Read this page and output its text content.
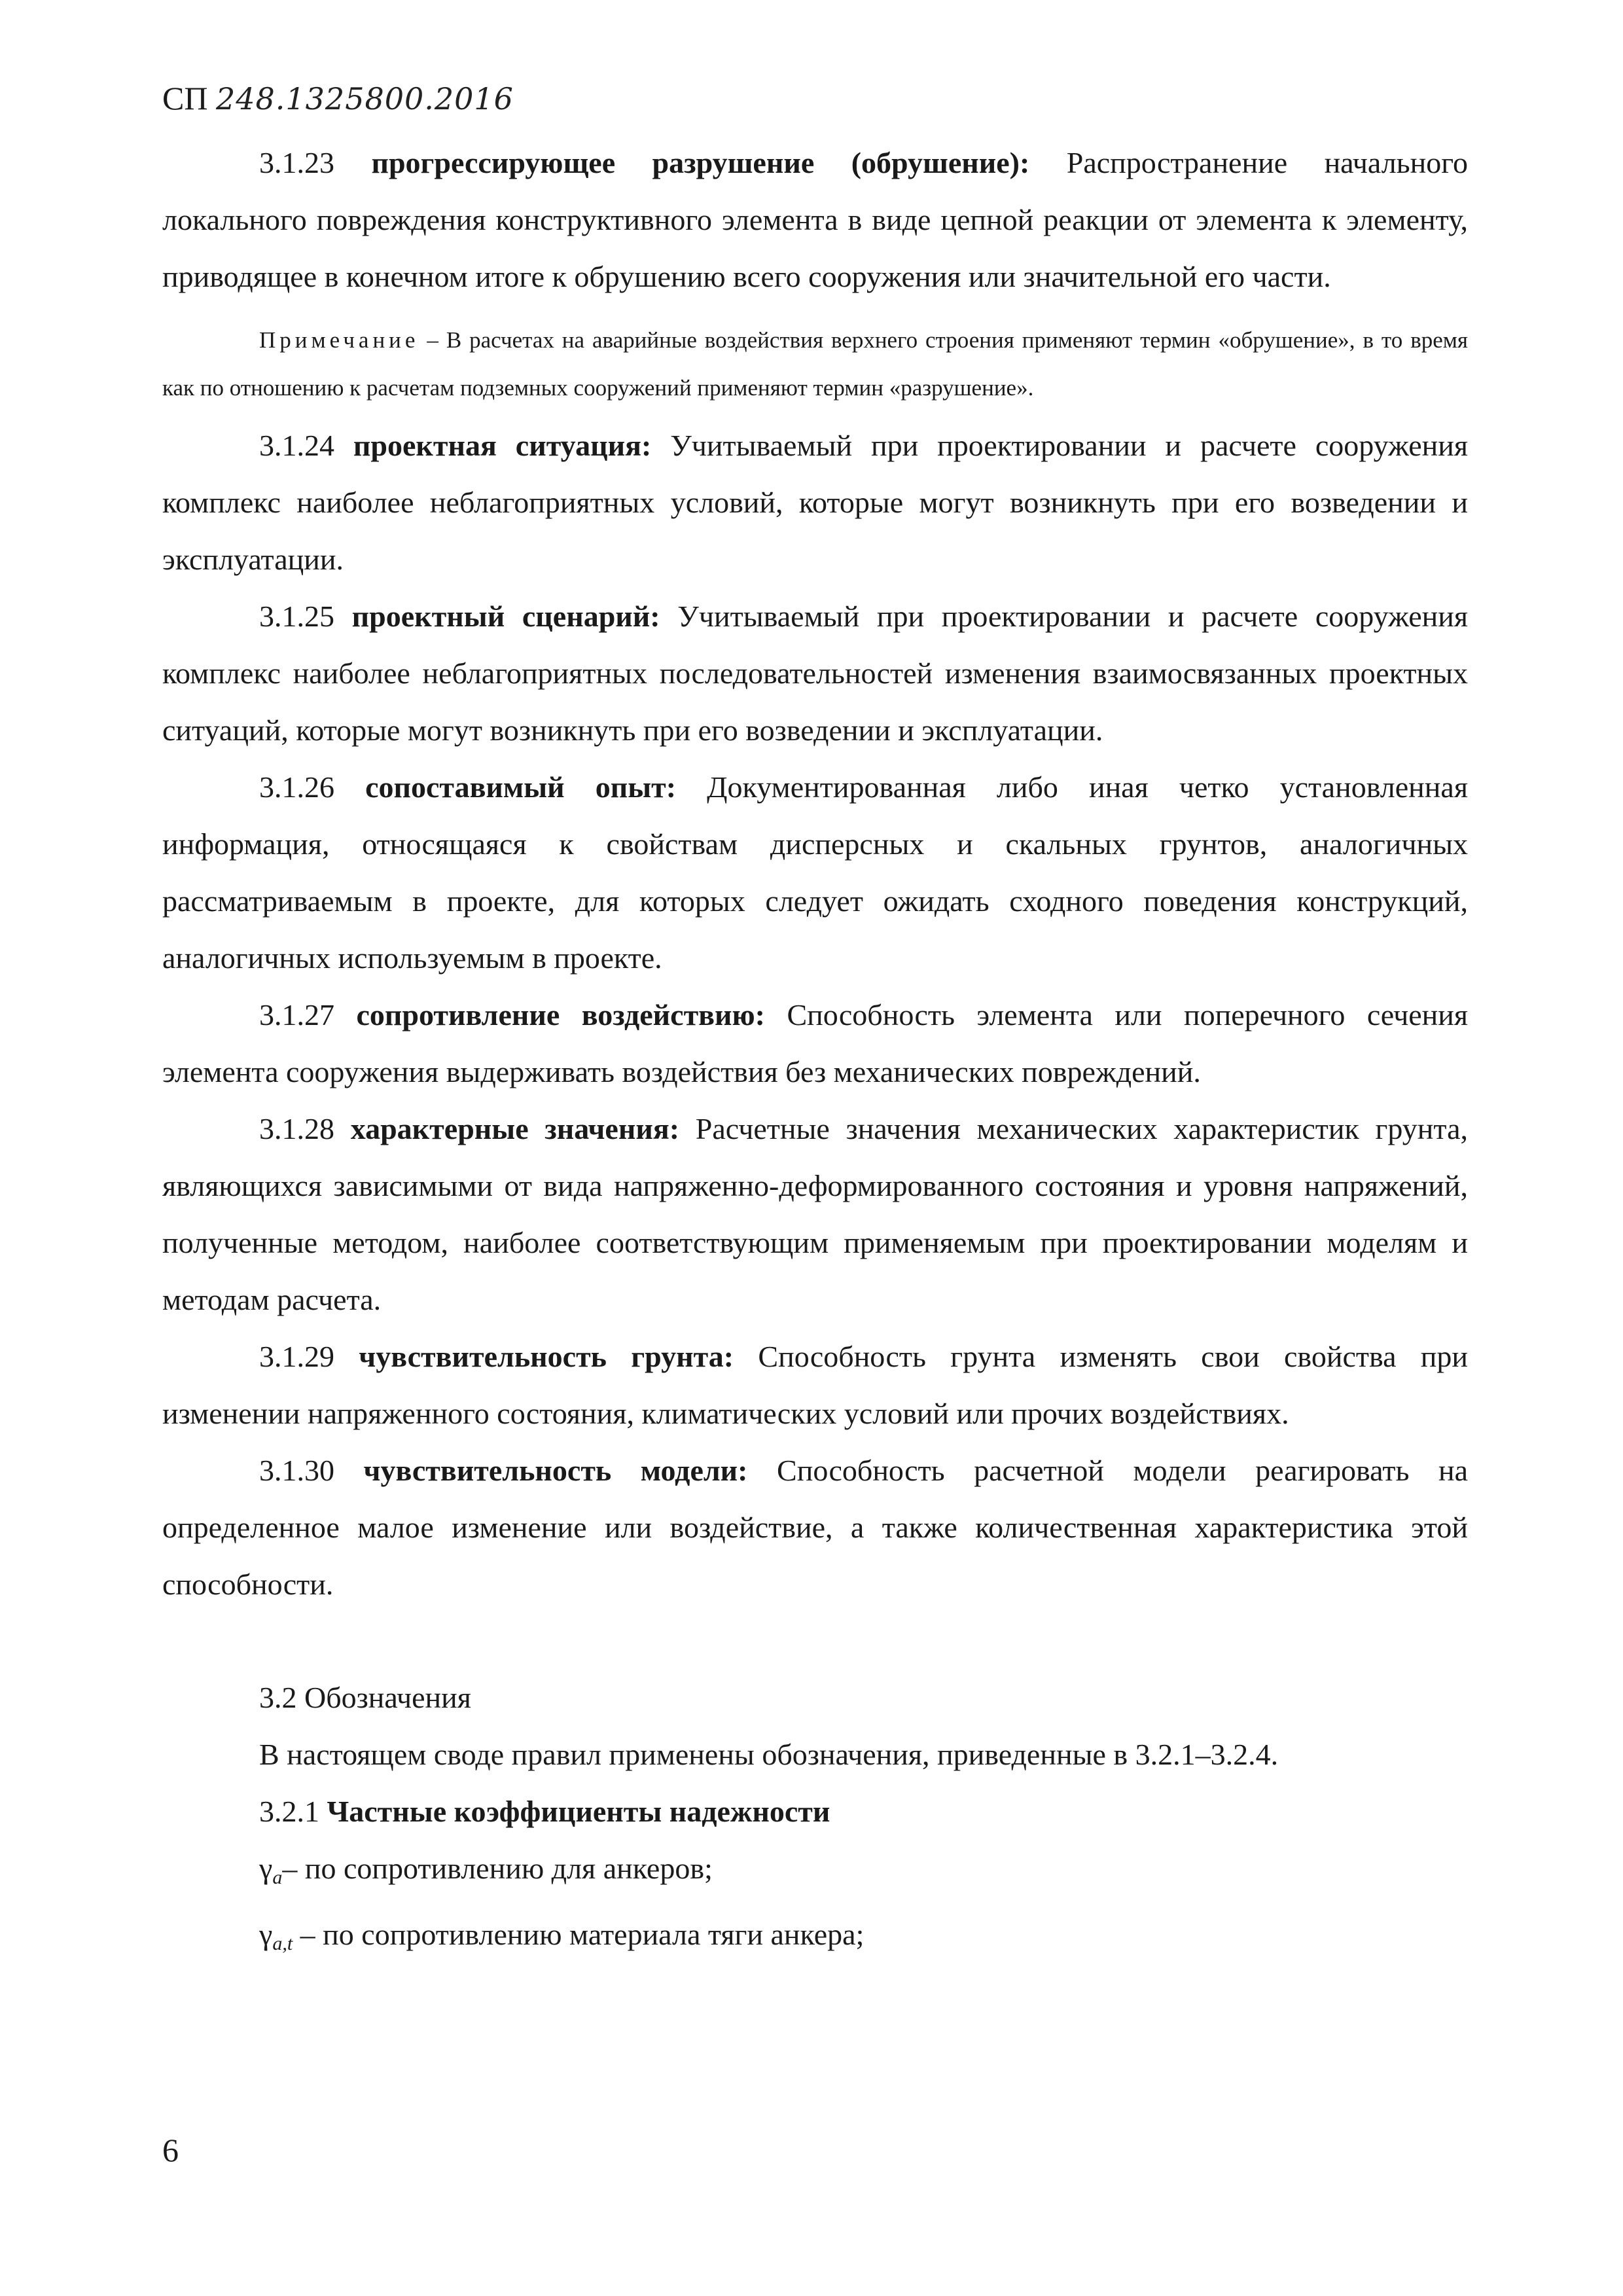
СП 248.1325800.2016

3.1.23 прогрессирующее разрушение (обрушение): Распространение начального локального повреждения конструктивного элемента в виде цепной реакции от элемента к элементу, приводящее в конечном итоге к обрушению всего сооружения или значительной его части.

Примечание – В расчетах на аварийные воздействия верхнего строения применяют термин «обрушение», в то время как по отношению к расчетам подземных сооружений применяют термин «разрушение».

3.1.24 проектная ситуация: Учитываемый при проектировании и расчете сооружения комплекс наиболее неблагоприятных условий, которые могут возникнуть при его возведении и эксплуатации.

3.1.25 проектный сценарий: Учитываемый при проектировании и расчете сооружения комплекс наиболее неблагоприятных последовательностей изменения взаимосвязанных проектных ситуаций, которые могут возникнуть при его возведении и эксплуатации.

3.1.26 сопоставимый опыт: Документированная либо иная четко установленная информация, относящаяся к свойствам дисперсных и скальных грунтов, аналогичных рассматриваемым в проекте, для которых следует ожидать сходного поведения конструкций, аналогичных используемым в проекте.

3.1.27 сопротивление воздействию: Способность элемента или поперечного сечения элемента сооружения выдерживать воздействия без механических повреждений.

3.1.28 характерные значения: Расчетные значения механических характеристик грунта, являющихся зависимыми от вида напряженно-деформированного состояния и уровня напряжений, полученные методом, наиболее соответствующим применяемым при проектировании моделям и методам расчета.

3.1.29 чувствительность грунта: Способность грунта изменять свои свойства при изменении напряженного состояния, климатических условий или прочих воздействиях.

3.1.30 чувствительность модели: Способность расчетной модели реагировать на определенное малое изменение или воздействие, а также количественная характеристика этой способности.

3.2 Обозначения

В настоящем своде правил применены обозначения, приведенные в 3.2.1–3.2.4.

3.2.1 Частные коэффициенты надежности

$\gamma_a-$ по сопротивлению для анкеров;

$\gamma_{a,t}$ – по сопротивлению материала тяги анкера;

6
